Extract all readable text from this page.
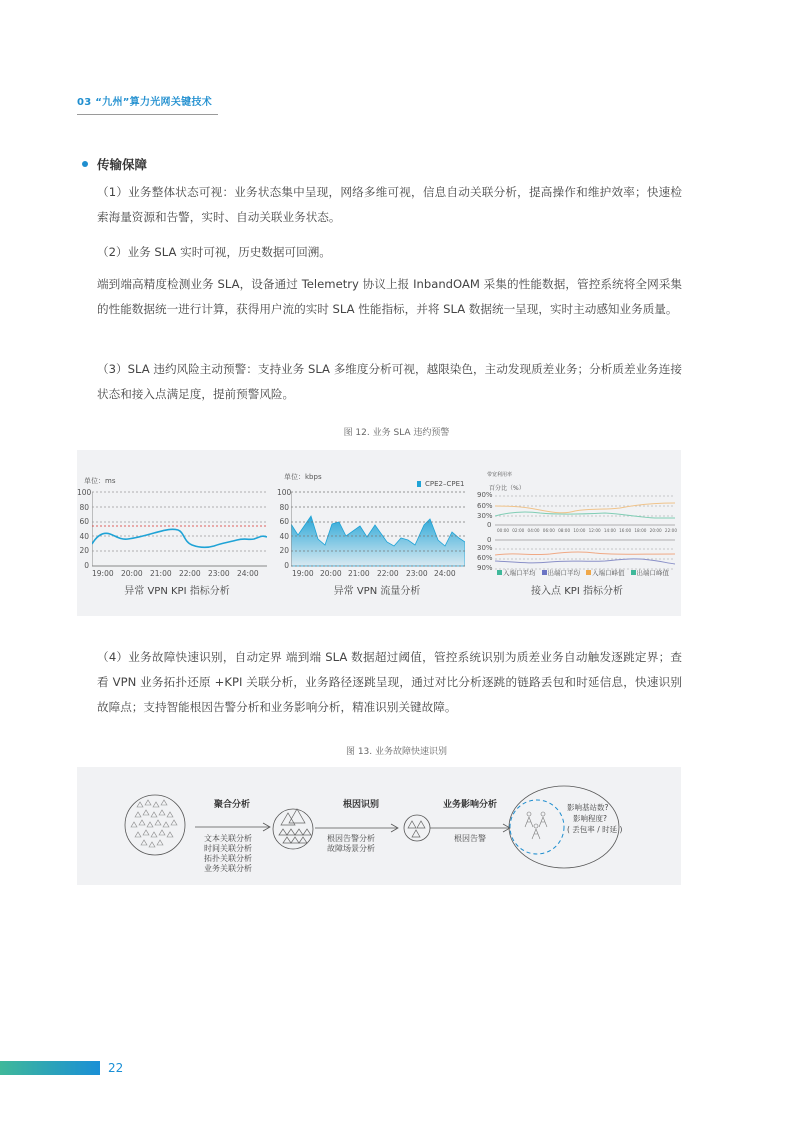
03 “九州”算力光网关键技术
传输保障
（1）业务整体状态可视：业务状态集中呈现，网络多维可视，信息自动关联分析，提高操作和维护效率；快速检索海量资源和告警，实时、自动关联业务状态。
（2）业务 SLA 实时可视，历史数据可回溯。
端到端高精度检测业务 SLA，设备通过 Telemetry 协议上报 InbandOAM 采集的性能数据，管控系统将全网采集的性能数据统一进行计算，获得用户流的实时 SLA 性能指标，并将 SLA 数据统一呈现，实时主动感知业务质量。
（3）SLA 违约风险主动预警：支持业务 SLA 多维度分析可视，越限染色，主动发现质差业务；分析质差业务连接状态和接入点满足度，提前预警风险。
图 12. 业务 SLA 违约预警
单位：ms
100
80
60
40
20
0
19:00 20:00 21:00 22:00 23:00 24:00
异常 VPN KPI 指标分析
单位：kbps
CPE2–CPE1
100
80
60
40
20
0
19:00 20:00 21:00 22:00 23:00 24:00
异常 VPN 流量分析
带宽利用率
百分比（%）
90%
60%
30%
0
0
30%
60%
90%
00:00 02:00 04:00 06:00 08:00 10:00 12:00 14:00 16:00 18:00 20:00 22:00
入端口平均	出端口平均	入端口峰值	出端口峰值
接入点 KPI 指标分析
（4）业务故障快速识别，自动定界 端到端 SLA 数据超过阈值，管控系统识别为质差业务自动触发逐跳定界；查看 VPN 业务拓扑还原 +KPI 关联分析，业务路径逐跳呈现，通过对比分析逐跳的链路丢包和时延信息，快速识别故障点；支持智能根因告警分析和业务影响分析，精准识别关键故障。
图 13. 业务故障快速识别
聚合分析
文本关联分析
时间关联分析
拓扑关联分析
业务关联分析
根因识别
根因告警分析
故障场景分析
业务影响分析
根因告警
影响基站数?
影响程度?
( 丢包率 / 时延 )
22
